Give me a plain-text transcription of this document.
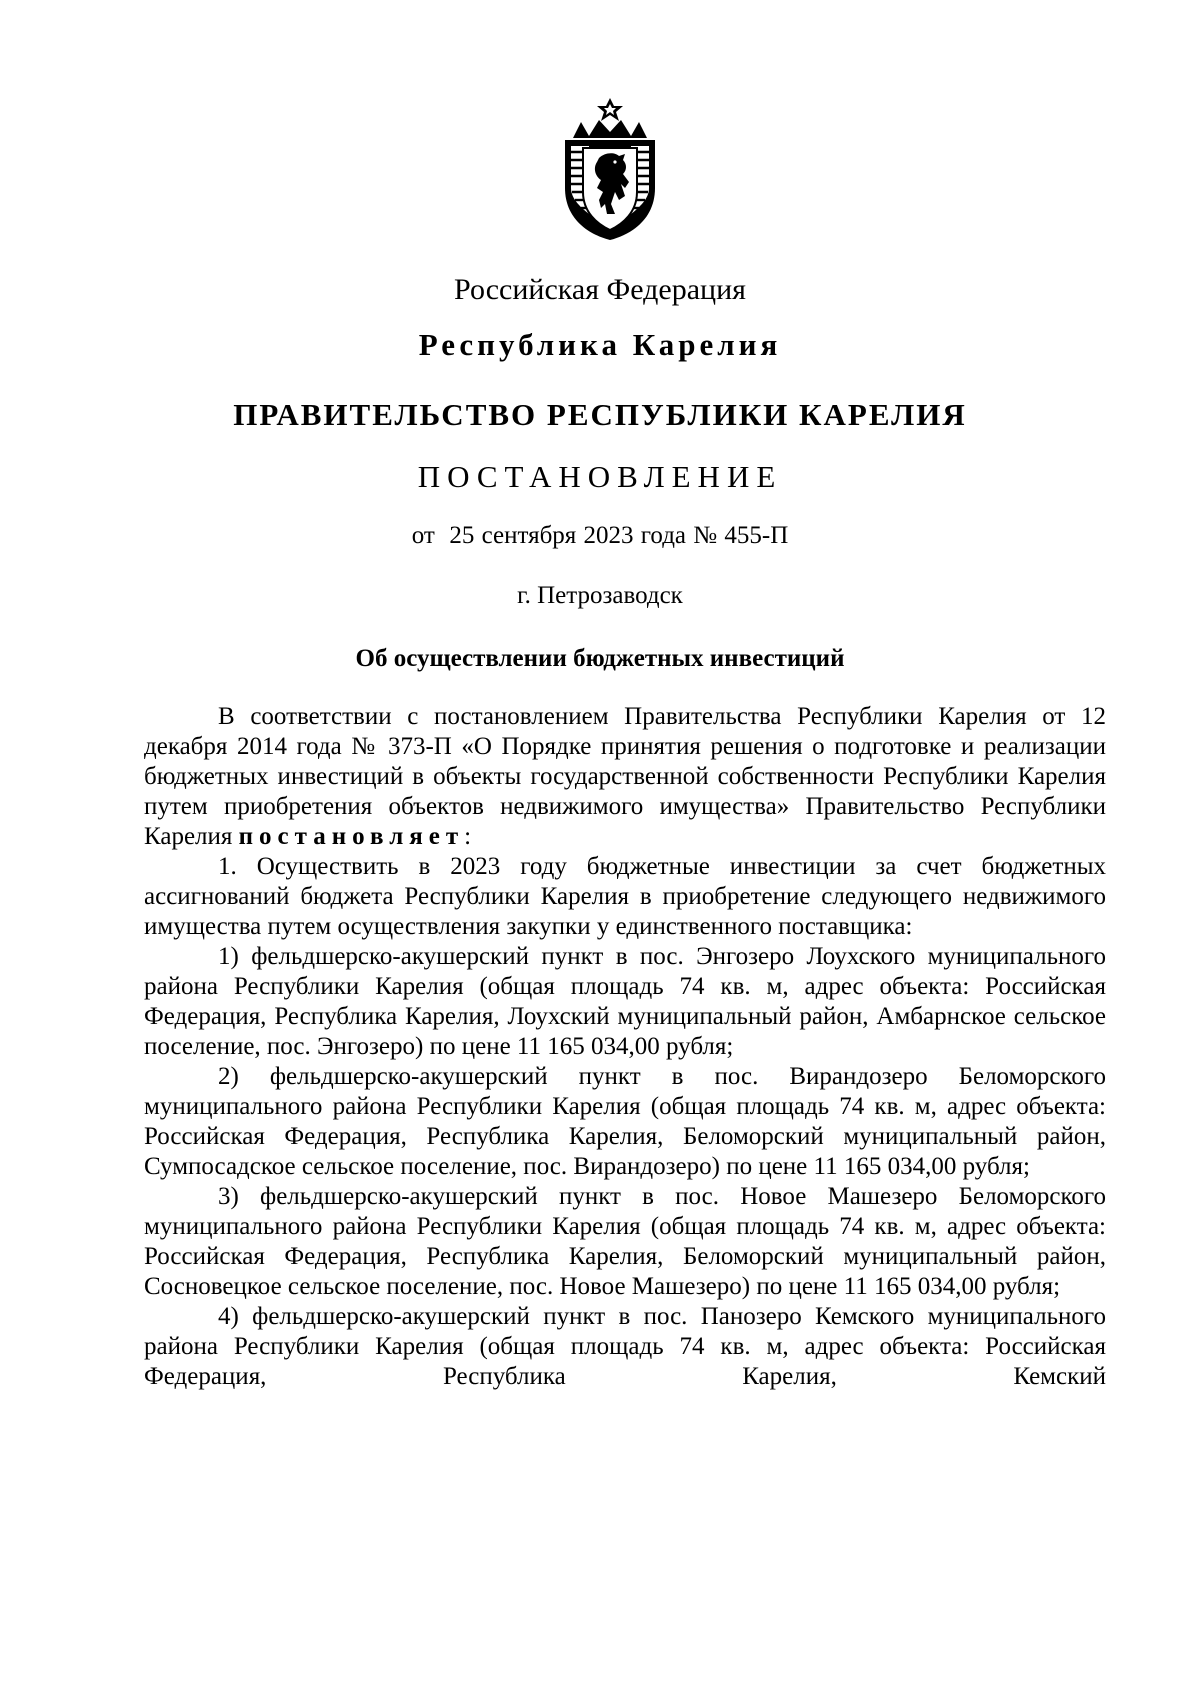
Российская Федерация
Республика Карелия
ПРАВИТЕЛЬСТВО РЕСПУБЛИКИ КАРЕЛИЯ
ПОСТАНОВЛЕНИЕ
от  25 сентября 2023 года № 455-П
г. Петрозаводск
Об осуществлении бюджетных инвестиций

В соответствии с постановлением Правительства Республики Карелия от 12 декабря 2014 года № 373-П «О Порядке принятия решения о подготовке и реализации бюджетных инвестиций в объекты государственной собственности Республики Карелия путем приобретения объектов недвижимого имущества» Правительство Республики Карелия постановляет:

1. Осуществить в 2023 году бюджетные инвестиции за счет бюджетных ассигнований бюджета Республики Карелия в приобретение следующего недвижимого имущества путем осуществления закупки у единственного поставщика:

1) фельдшерско-акушерский пункт в пос. Энгозеро Лоухского муниципального района Республики Карелия (общая площадь 74 кв. м, адрес объекта: Российская Федерация, Республика Карелия, Лоухский муниципальный район, Амбарнское сельское поселение, пос. Энгозеро) по цене 11 165 034,00 рубля;

2) фельдшерско-акушерский пункт в пос. Вирандозеро Беломорского муниципального района Республики Карелия (общая площадь 74 кв. м, адрес объекта: Российская Федерация, Республика Карелия, Беломорский муниципальный район, Сумпосадское сельское поселение, пос. Вирандозеро) по цене 11 165 034,00 рубля;

3) фельдшерско-акушерский пункт в пос. Новое Машезеро Беломорского муниципального района Республики Карелия (общая площадь 74 кв. м, адрес объекта: Российская Федерация, Республика Карелия, Беломорский муниципальный район, Сосновецкое сельское поселение, пос. Новое Машезеро) по цене 11 165 034,00 рубля;

4) фельдшерско-акушерский пункт в пос. Панозеро Кемского муниципального района Республики Карелия (общая площадь 74 кв. м, адрес объекта: Российская Федерация, Республика Карелия, Кемский
